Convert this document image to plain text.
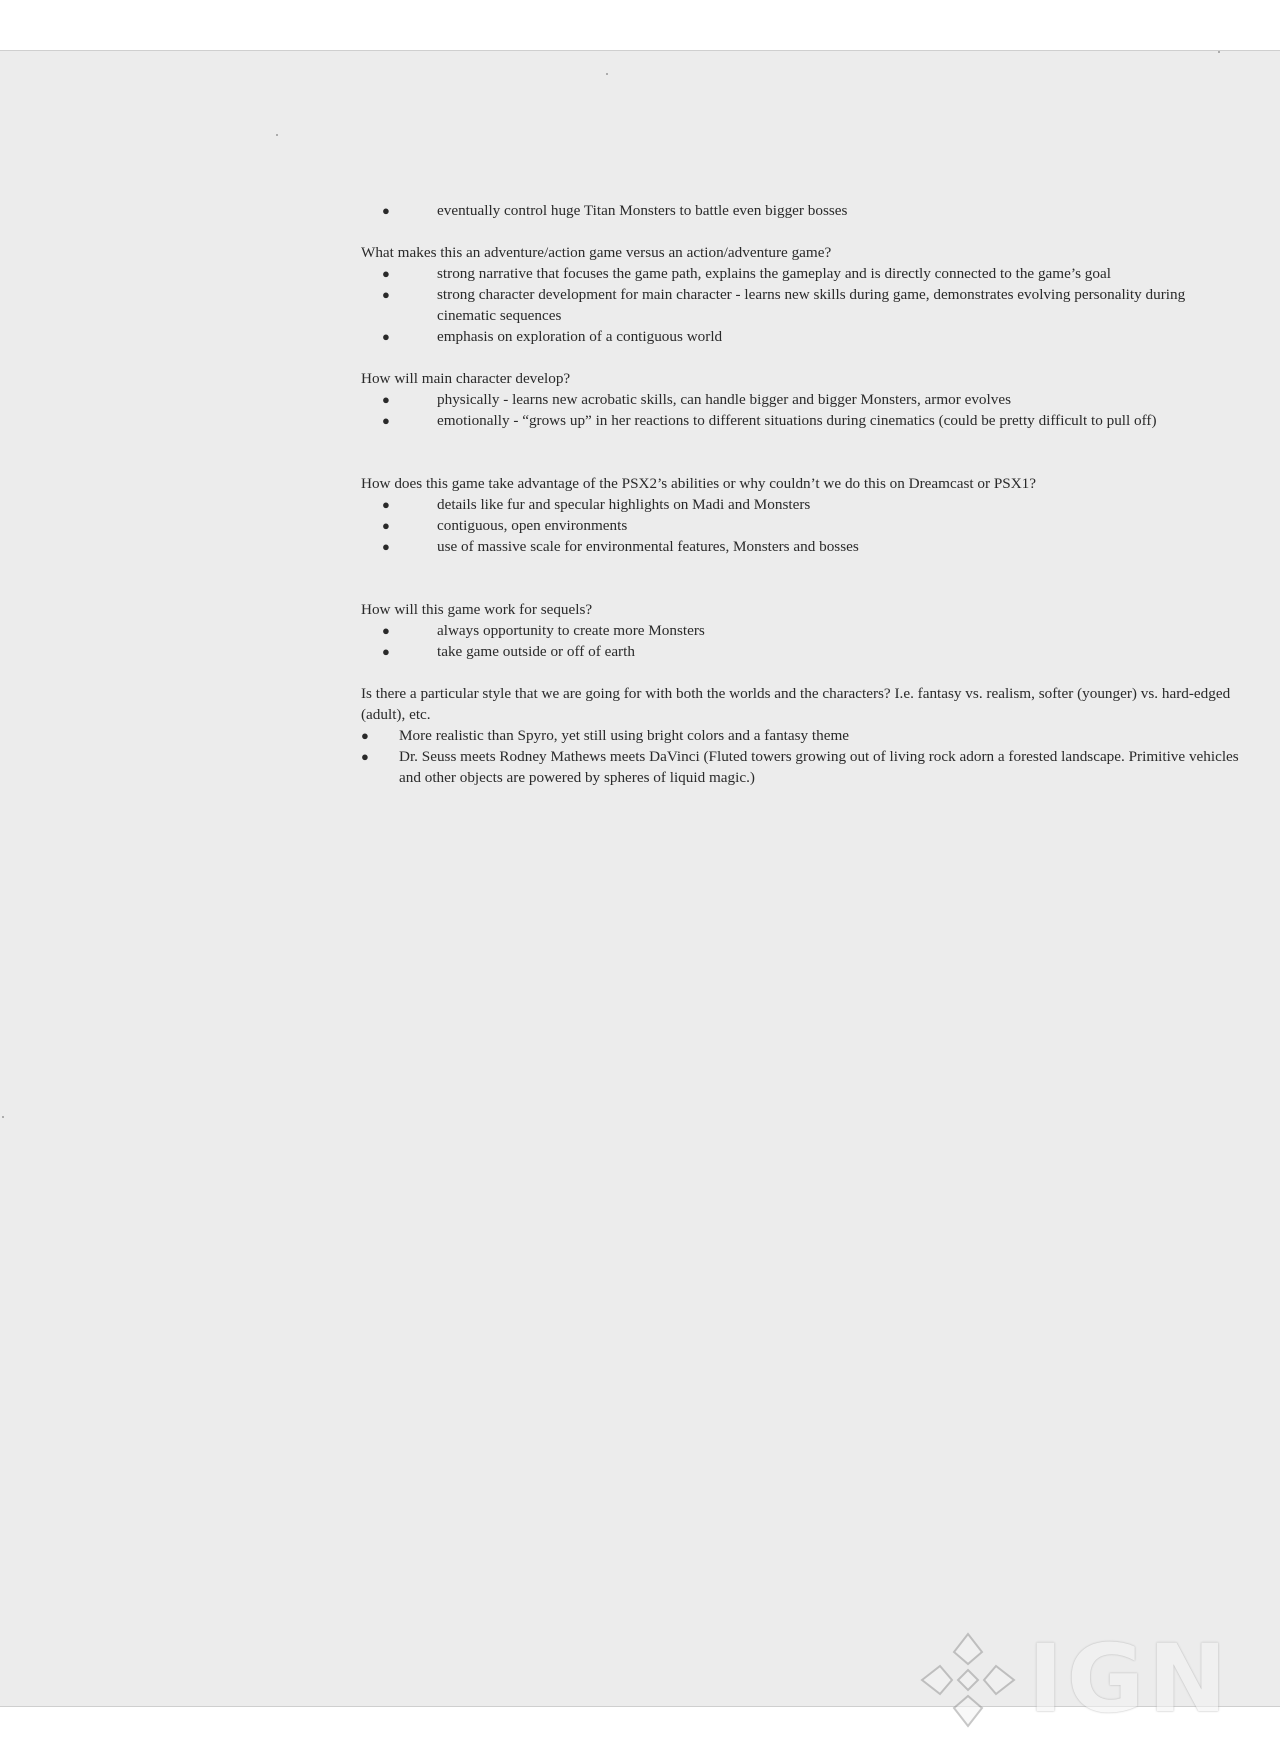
●	eventually control huge Titan Monsters to battle even bigger bosses

What makes this an adventure/action game versus an action/adventure game?

●	strong narrative that focuses the game path, explains the gameplay and is directly connected to the game’s goal
●	strong character development for main character - learns new skills during game, demonstrates evolving personality during cinematic sequences
●	emphasis on exploration of a contiguous world

How will main character develop?

●	physically - learns new acrobatic skills, can handle bigger and bigger Monsters, armor evolves
●	emotionally - “grows up” in her reactions to different situations during cinematics (could be pretty difficult to pull off)

How does this game take advantage of the PSX2’s abilities or why couldn’t we do this on Dreamcast or PSX1?

●	details like fur and specular highlights on Madi and Monsters
●	contiguous, open environments
●	use of massive scale for environmental features, Monsters and bosses

How will this game work for sequels?

●	always opportunity to create more Monsters
●	take game outside or off of earth

Is there a particular style that we are going for with both the worlds and the characters? I.e. fantasy vs. realism, softer (younger) vs. hard-edged (adult), etc.

● More realistic than Spyro, yet still using bright colors and a fantasy theme
● Dr. Seuss meets Rodney Mathews meets DaVinci (Fluted towers growing out of living rock adorn a forested landscape. Primitive vehicles and other objects are powered by spheres of liquid magic.)
IGN
